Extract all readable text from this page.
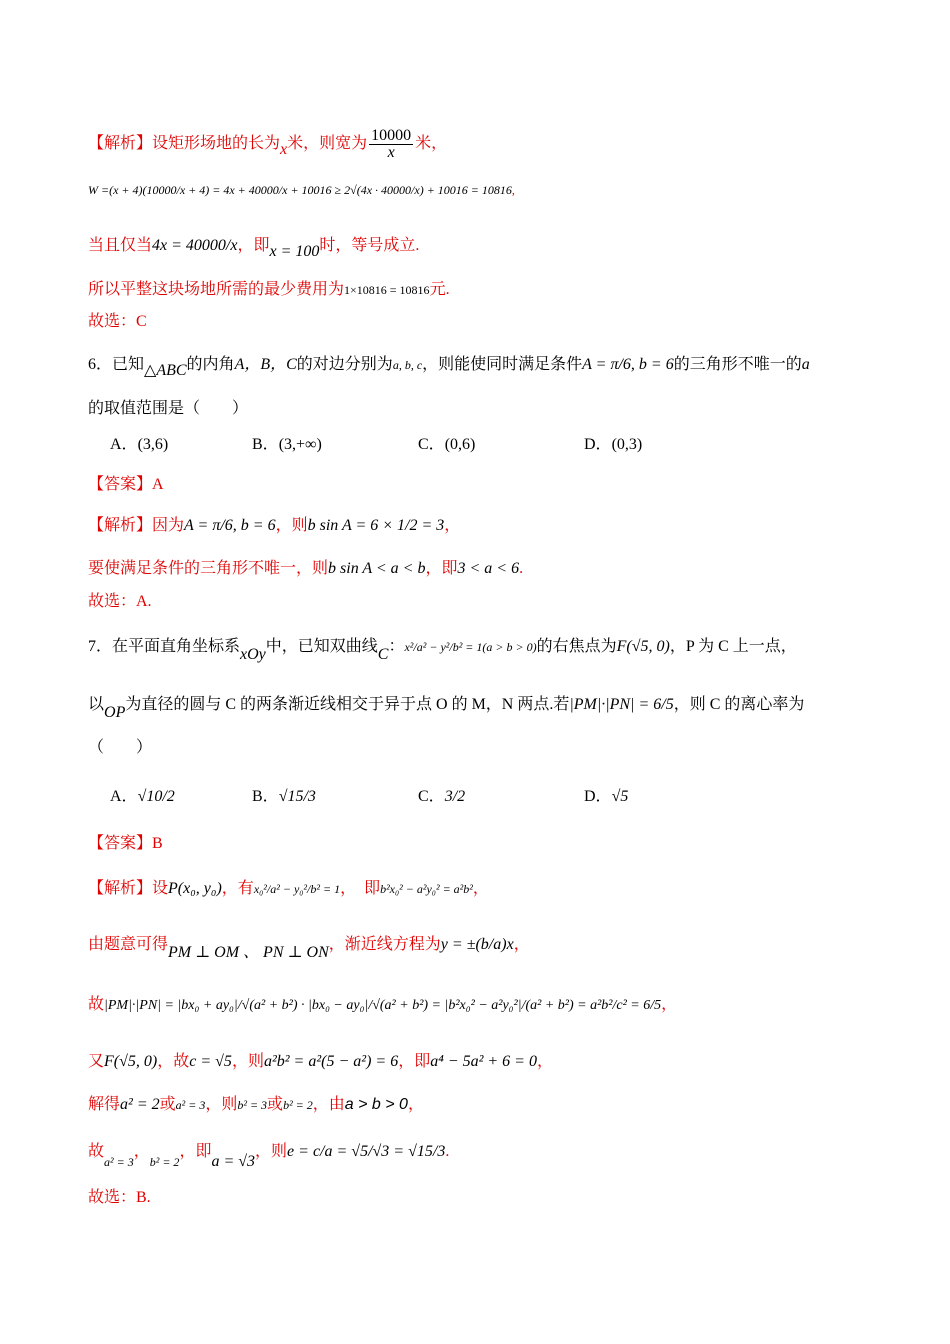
【解析】设矩形场地的长为x米，则宽为 $\frac{10000}{x}$ 米，
W =(x + 4)(10000/x + 4) = 4x + 40000/x + 10016 ≥ 2√(4x · 40000/x) + 10016 = 10816,
当且仅当4x = 40000/x，即x = 100时，等号成立.
所以平整这块场地所需的最少费用为1×10816 = 10816元.
故选：C
6．已知△ABC的内角A，B，C的对边分别为a, b, c，则能使同时满足条件A = π/6, b = 6的三角形不唯一的a
的取值范围是（　　）
A．(3,6)	B．(3,+∞)	C．(0,6)	D．(0,3)
【答案】A
【解析】因为A = π/6, b = 6，则b sin A = 6 × 1/2 = 3，
要使满足条件的三角形不唯一，则b sin A < a < b，即3 < a < 6.
故选：A.
7．在平面直角坐标系xOy中，已知双曲线C：x²/a² − y²/b² = 1(a > b > 0)的右焦点为F(√5, 0)，P 为 C 上一点，
以OP为直径的圆与 C 的两条渐近线相交于异于点 O 的 M，N 两点.若|PM|·|PN| = 6/5，则 C 的离心率为
（　　）
A．√10/2	B．√15/3	C．3/2	D．√5
【答案】B
【解析】设P(x₀, y₀)，有x₀²/a² − y₀²/b² = 1，　即b²x₀² − a²y₀² = a²b²，
由题意可得PM ⊥ OM 、 PN ⊥ ON，渐近线方程为y = ±(b/a)x，
故|PM|·|PN| = |bx₀ + ay₀|/√(a² + b²) · |bx₀ − ay₀|/√(a² + b²) = |b²x₀² − a²y₀²|/(a² + b²) = a²b²/c² = 6/5，
又F(√5, 0)，故c = √5，则a²b² = a²(5 − a²) = 6，即a⁴ − 5a² + 6 = 0，
解得a² = 2或a² = 3，则b² = 3或b² = 2，由a > b > 0，
故$_{a^2 = 3}$，$_{b^2 = 2}$，即a = √3，则e = c/a = √5/√3 = √15/3.
故选：B.
